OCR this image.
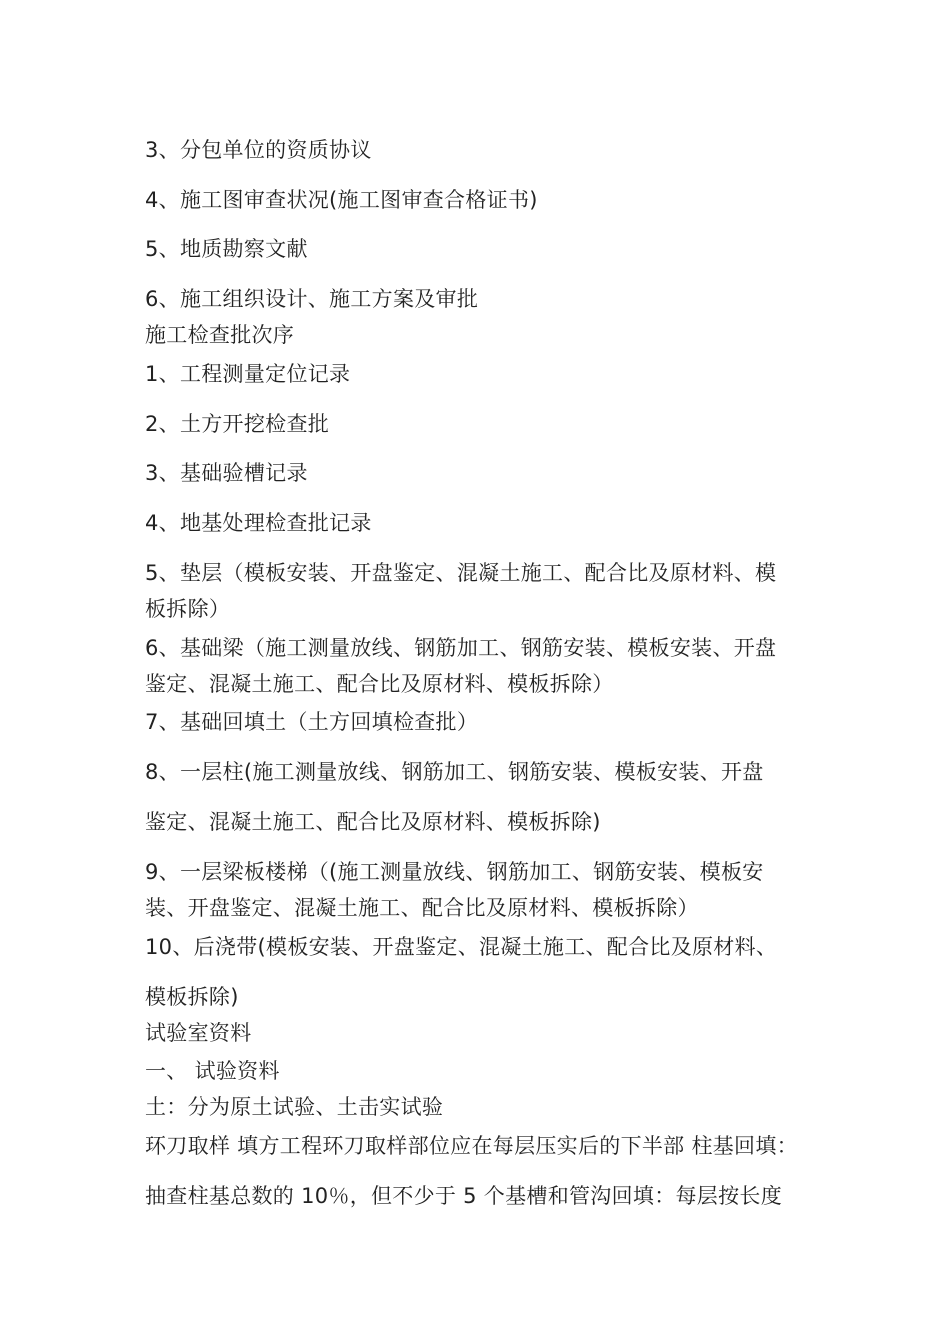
3、分包单位的资质协议
4、施工图审查状况(施工图审查合格证书)
5、地质勘察文献
6、施工组织设计、施工方案及审批
施工检查批次序
1、工程测量定位记录
2、土方开挖检查批
3、基础验槽记录
4、地基处理检查批记录
5、垫层（模板安装、开盘鉴定、混凝土施工、配合比及原材料、模
板拆除）
6、基础梁（施工测量放线、钢筋加工、钢筋安装、模板安装、开盘
鉴定、混凝土施工、配合比及原材料、模板拆除）
7、基础回填土（土方回填检查批）
8、一层柱(施工测量放线、钢筋加工、钢筋安装、模板安装、开盘
鉴定、混凝土施工、配合比及原材料、模板拆除)
9、一层梁板楼梯（(施工测量放线、钢筋加工、钢筋安装、模板安
装、开盘鉴定、混凝土施工、配合比及原材料、模板拆除）
10、后浇带(模板安装、开盘鉴定、混凝土施工、配合比及原材料、
模板拆除)
试验室资料
一、 试验资料
土：分为原土试验、土击实试验
环刀取样 填方工程环刀取样部位应在每层压实后的下半部 柱基回填：
抽查柱基总数的 10％，但不少于 5 个基槽和管沟回填：每层按长度
